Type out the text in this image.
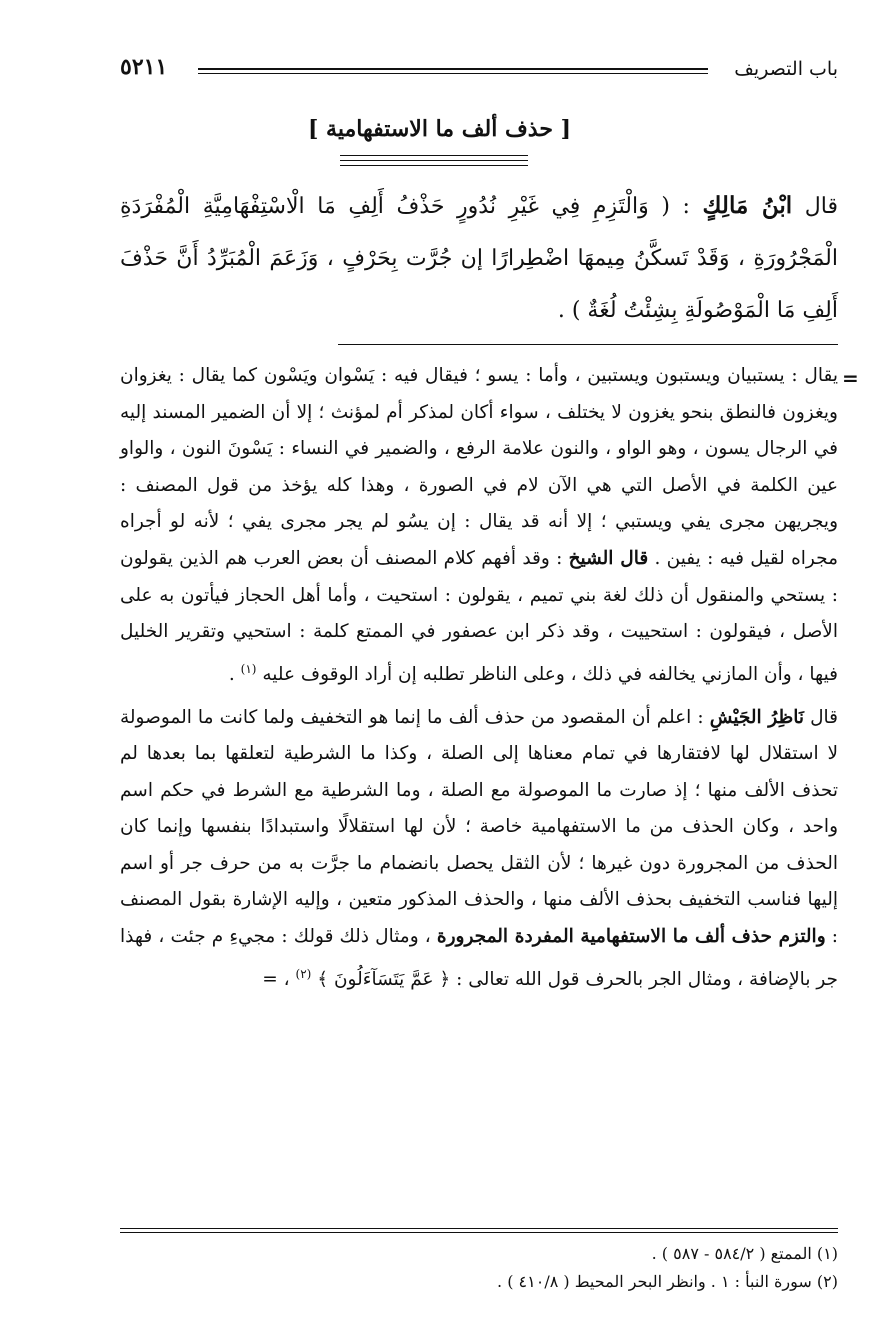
٥٢١١	باب التصريف
[ حذف ألف ما الاستفهامية ]
قال ابْنُ مَالِكٍ : ( وَالْتَزِمِ فِي غَيْرِ نُدُورٍ حَذْفُ أَلِفِ مَا الْاسْتِفْهَامِيَّةِ الْمُفْرَدَةِ الْمَجْرُورَةِ ، وَقَدْ تَسكَّنُ مِيمهَا اضْطِرارًا إن جُرَّت بِحَرْفٍ ، وَزَعَمَ الْمُبَرِّدُ أَنَّ حَذْفَ أَلِفِ مَا الْمَوْصُولَةِ بِشِئْتُ لُغَةٌ ) .
=

يقال : يستبيان ويستبون ويستبين ، وأما : يسو ؛ فيقال فيه : يَسْوان ويَسْون كما يقال : يغزوان ويغزون فالنطق بنحو يغزون لا يختلف ، سواء أكان لمذكر أم لمؤنث ؛ إلا أن الضمير المسند إليه في الرجال يسون ، وهو الواو ، والنون علامة الرفع ، والضمير في النساء : يَسْونَ النون ، والواو عين الكلمة في الأصل التي هي الآن لام في الصورة ، وهذا كله يؤخذ من قول المصنف : ويجريهن مجرى يفي ويستبي ؛ إلا أنه قد يقال : إن يسُو لم يجر مجرى يفي ؛ لأنه لو أجراه مجراه لقيل فيه : يفين . قال الشيخ : وقد أفهم كلام المصنف أن بعض العرب هم الذين يقولون : يستحي والمنقول أن ذلك لغة بني تميم ، يقولون : استحيت ، وأما أهل الحجاز فيأتون به على الأصل ، فيقولون : استحييت ، وقد ذكر ابن عصفور في الممتع كلمة : استحيي وتقرير الخليل فيها ، وأن المازني يخالفه في ذلك ، وعلى الناظر تطلبه إن أراد الوقوف عليه $^{(١)}$ .

قال نَاظِرُ الجَيْشِ : اعلم أن المقصود من حذف ألف ما إنما هو التخفيف ولما كانت ما الموصولة لا استقلال لها لافتقارها في تمام معناها إلى الصلة ، وكذا ما الشرطية لتعلقها بما بعدها لم تحذف الألف منها ؛ إذ صارت ما الموصولة مع الصلة ، وما الشرطية مع الشرط في حكم اسم واحد ، وكان الحذف من ما الاستفهامية خاصة ؛ لأن لها استقلالًا واستبدادًا بنفسها وإنما كان الحذف من المجرورة دون غيرها ؛ لأن الثقل يحصل بانضمام ما جرَّت به من حرف جر أو اسم إليها فناسب التخفيف بحذف الألف منها ، والحذف المذكور متعين ، وإليه الإشارة بقول المصنف : والتزم حذف ألف ما الاستفهامية المفردة المجرورة ، ومثال ذلك قولك : مجيءِ م جئت ، فهذا جر بالإضافة ، ومثال الجر بالحرف قول الله تعالى : ﴿ عَمَّ يَتَسَآءَلُونَ ﴾ $^{(٢)}$ ، =

(١) الممتع ( ٥٨٤/٢ - ٥٨٧ ) .
(٢) سورة النبأ : ١ . وانظر البحر المحيط ( ٤١٠/٨ ) .
